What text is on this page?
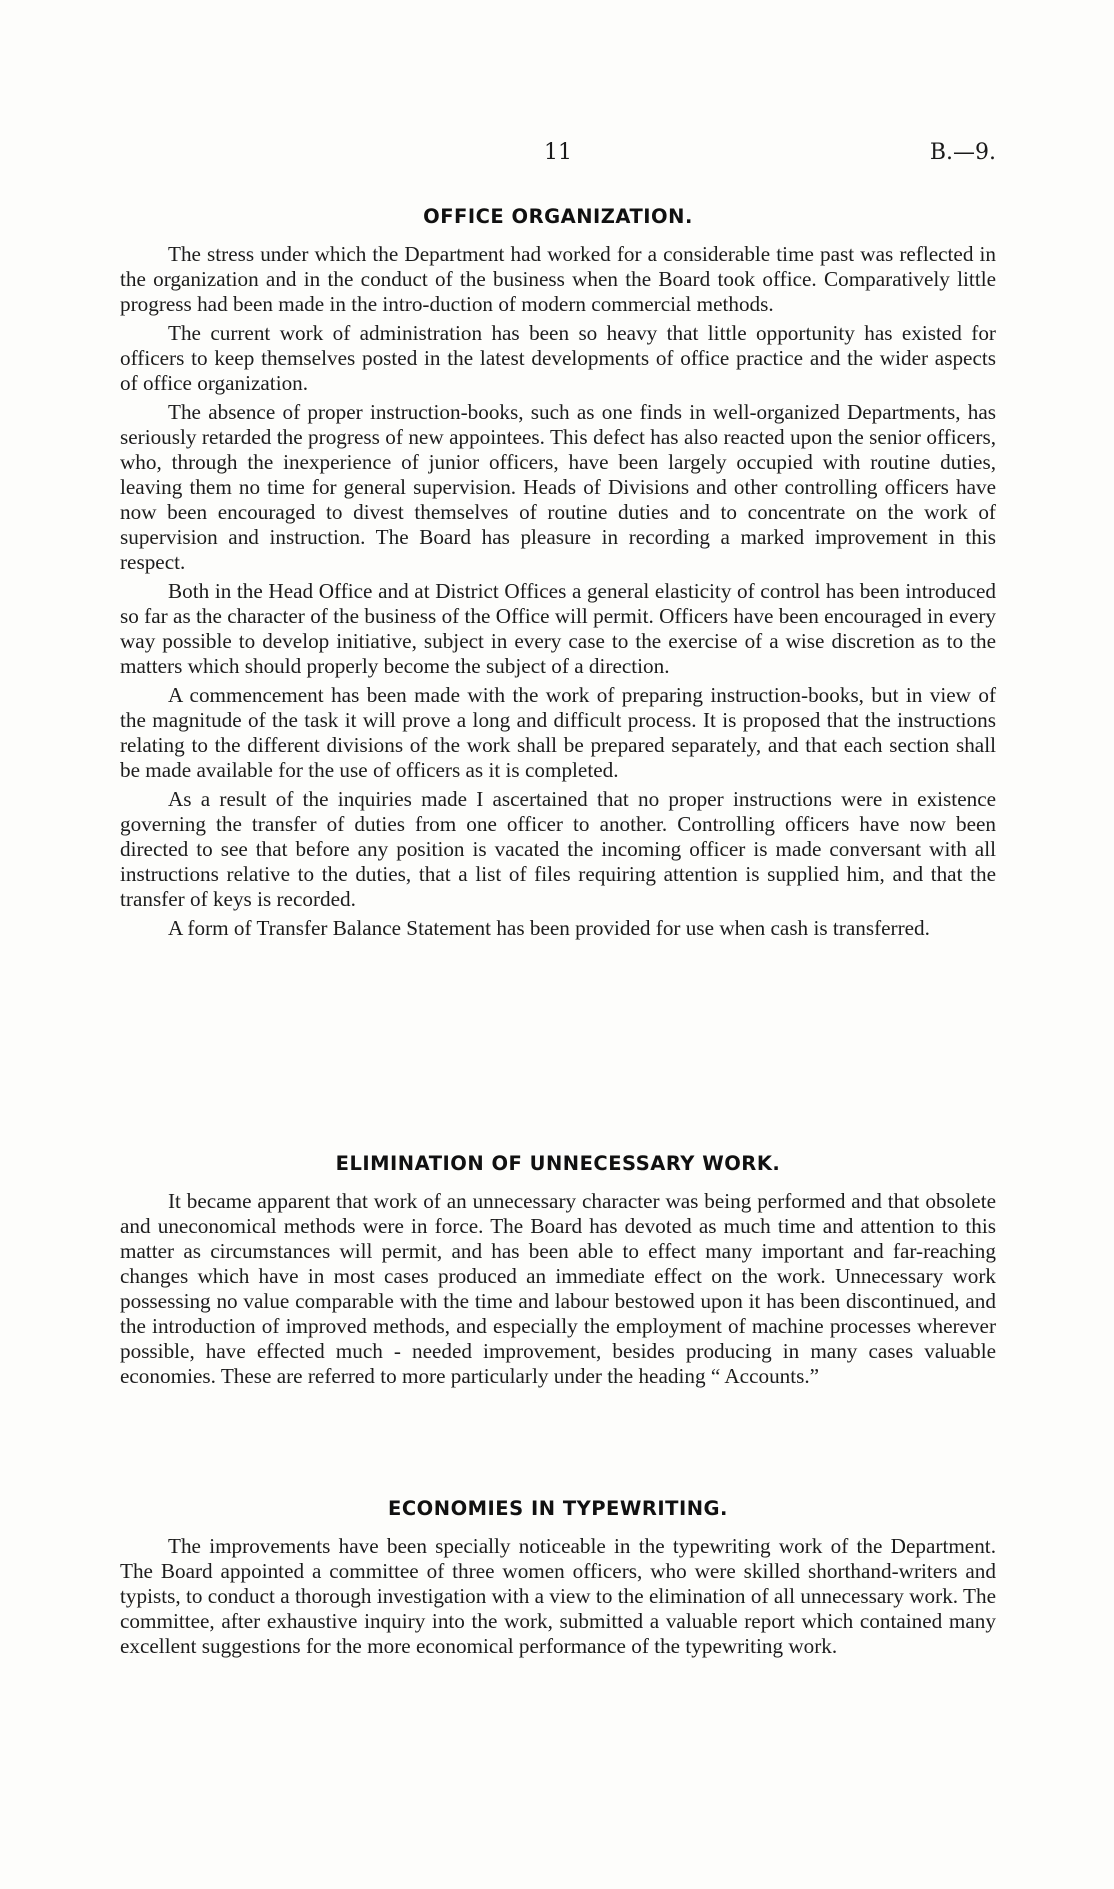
11	B.—9.
OFFICE ORGANIZATION.

The stress under which the Department had worked for a considerable time past was reflected in the organization and in the conduct of the business when the Board took office. Comparatively little progress had been made in the intro-duction of modern commercial methods.

The current work of administration has been so heavy that little opportunity has existed for officers to keep themselves posted in the latest developments of office practice and the wider aspects of office organization.

The absence of proper instruction-books, such as one finds in well-organized Departments, has seriously retarded the progress of new appointees. This defect has also reacted upon the senior officers, who, through the inexperience of junior officers, have been largely occupied with routine duties, leaving them no time for general supervision. Heads of Divisions and other controlling officers have now been encouraged to divest themselves of routine duties and to concentrate on the work of supervision and instruction. The Board has pleasure in recording a marked improvement in this respect.

Both in the Head Office and at District Offices a general elasticity of control has been introduced so far as the character of the business of the Office will permit. Officers have been encouraged in every way possible to develop initiative, subject in every case to the exercise of a wise discretion as to the matters which should properly become the subject of a direction.

A commencement has been made with the work of preparing instruction-books, but in view of the magnitude of the task it will prove a long and difficult process. It is proposed that the instructions relating to the different divisions of the work shall be prepared separately, and that each section shall be made available for the use of officers as it is completed.

As a result of the inquiries made I ascertained that no proper instructions were in existence governing the transfer of duties from one officer to another. Controlling officers have now been directed to see that before any position is vacated the incoming officer is made conversant with all instructions relative to the duties, that a list of files requiring attention is supplied him, and that the transfer of keys is recorded.

A form of Transfer Balance Statement has been provided for use when cash is transferred.

ELIMINATION OF UNNECESSARY WORK.

It became apparent that work of an unnecessary character was being performed and that obsolete and uneconomical methods were in force. The Board has devoted as much time and attention to this matter as circumstances will permit, and has been able to effect many important and far-reaching changes which have in most cases produced an immediate effect on the work. Unnecessary work possessing no value comparable with the time and labour bestowed upon it has been discontinued, and the introduction of improved methods, and especially the employment of machine processes wherever possible, have effected much - needed improvement, besides producing in many cases valuable economies. These are referred to more particularly under the heading “ Accounts.”

ECONOMIES IN TYPEWRITING.

The improvements have been specially noticeable in the typewriting work of the Department. The Board appointed a committee of three women officers, who were skilled shorthand-writers and typists, to conduct a thorough investigation with a view to the elimination of all unnecessary work. The committee, after exhaustive inquiry into the work, submitted a valuable report which contained many excellent suggestions for the more economical performance of the typewriting work.
